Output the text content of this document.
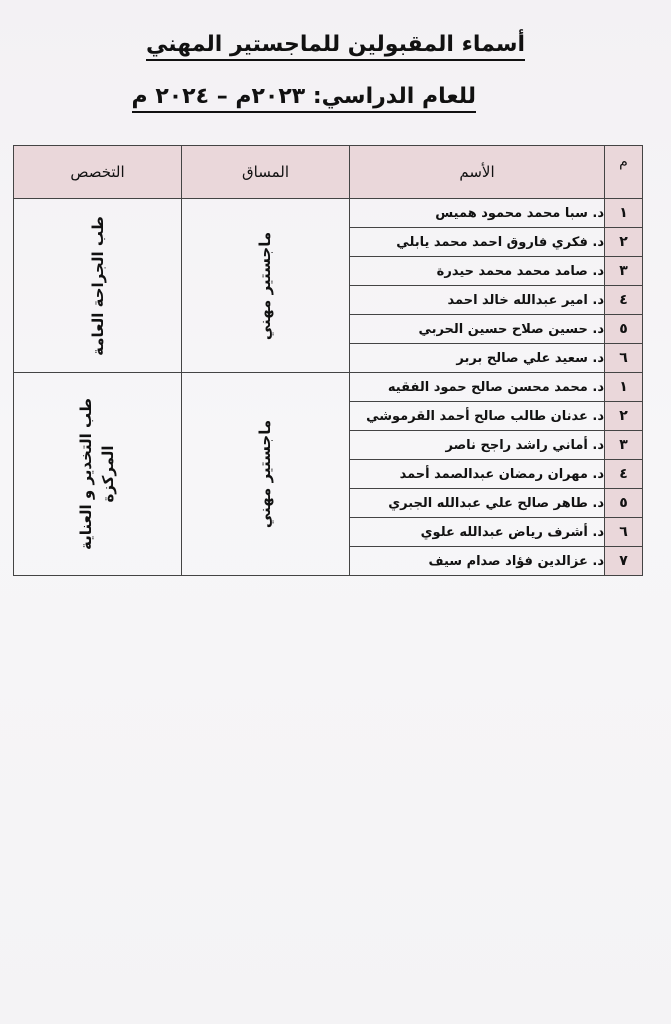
أسماء المقبولين للماجستير المهني
للعام الدراسي: ٢٠٢٣م – ٢٠٢٤ م
م	الأسم	المساق	التخصص
١	د. سبا محمد محمود هميس	ماجستير مهني	طب الجراحة العامة
٢	د. فكري فاروق احمد محمد يابلي		
٣	د. صامد محمد محمد حيدرة		
٤	د. امير عبدالله خالد احمد		
٥	د. حسين صلاح حسين الحربي		
٦	د. سعيد علي صالح بربر		
١	د. محمد محسن صالح حمود الفقيه	ماجستير مهني	طب التخدير و العناية المركزة
٢	د. عدنان طالب صالح أحمد القرموشي		
٣	د. أماني راشد راجح ناصر		
٤	د. مهران رمضان عبدالصمد أحمد		
٥	د. طاهر صالح علي عبدالله الجبري		
٦	د. أشرف رياض عبدالله علوي		
٧	د. عزالدين فؤاد صدام سيف		
